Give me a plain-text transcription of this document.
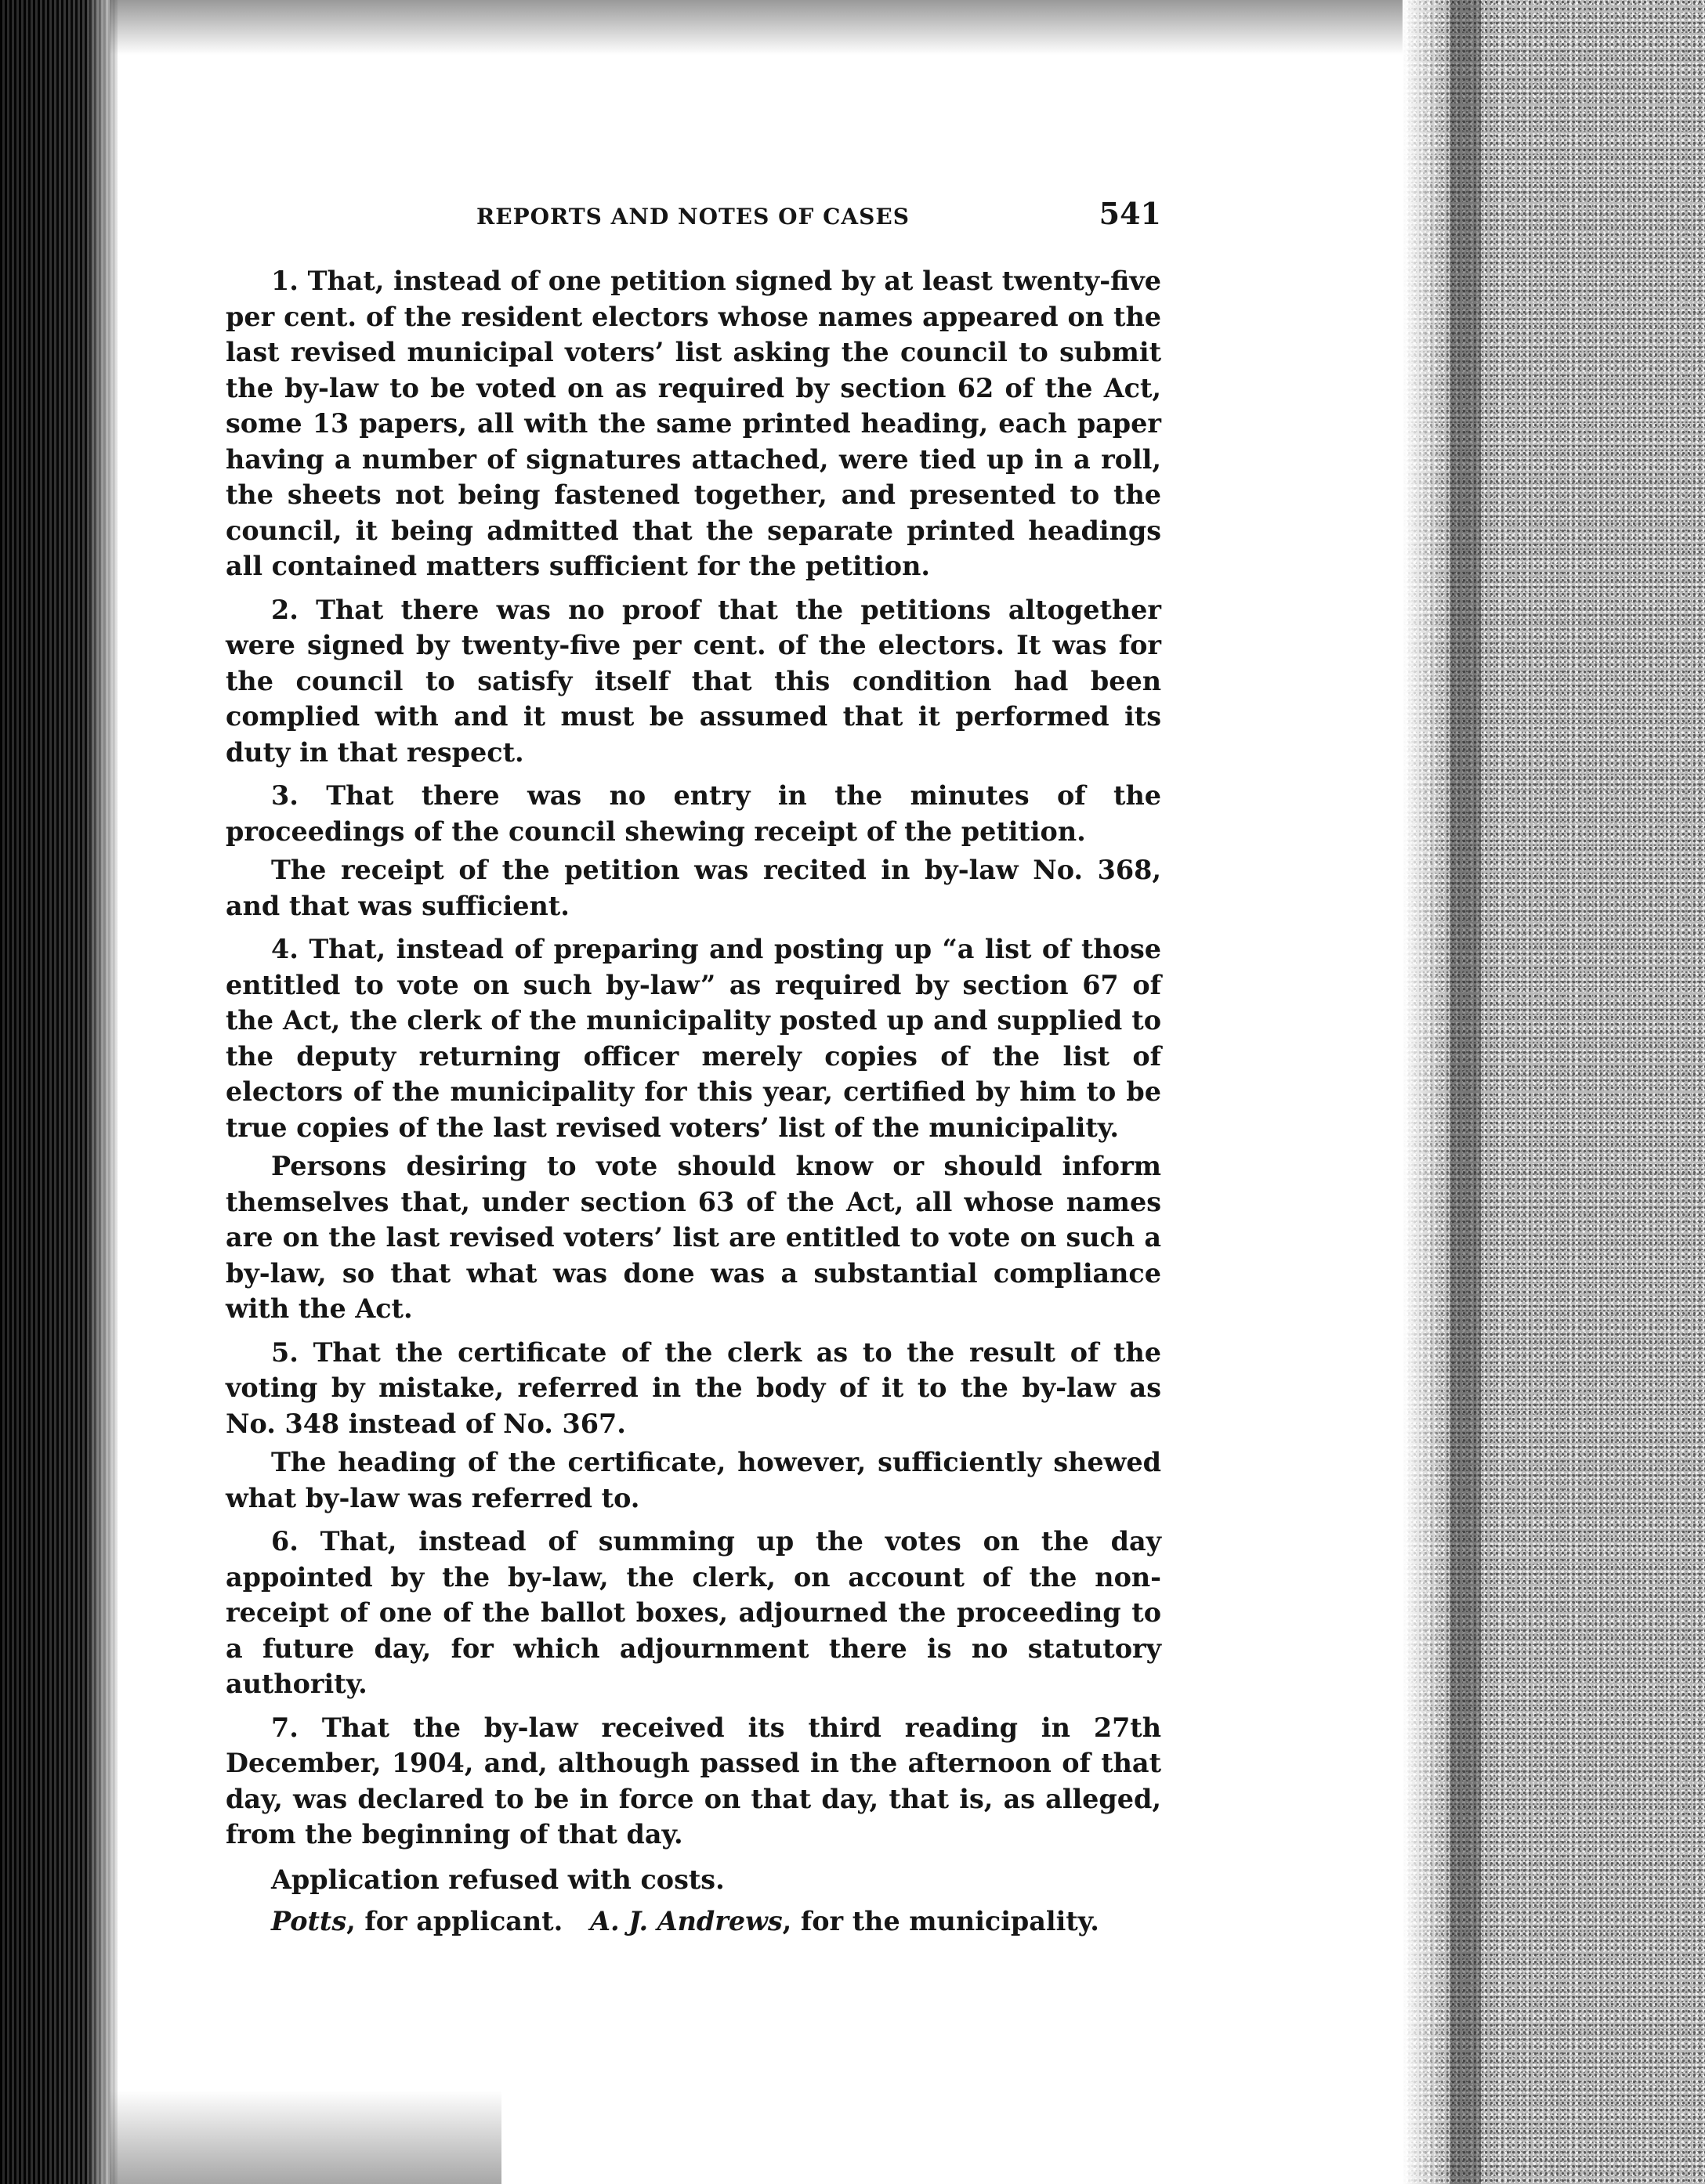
REPORTS AND NOTES OF CASES	541

1. That, instead of one petition signed by at least twenty-five per cent. of the resident electors whose names appeared on the last revised municipal voters’ list asking the council to submit the by-law to be voted on as required by section 62 of the Act, some 13 papers, all with the same printed heading, each paper having a number of signatures attached, were tied up in a roll, the sheets not being fastened together, and presented to the council, it being admitted that the separate printed headings all contained matters sufficient for the petition.

2. That there was no proof that the petitions altogether were signed by twenty-five per cent. of the electors. It was for the council to satisfy itself that this condition had been complied with and it must be assumed that it performed its duty in that respect.

3. That there was no entry in the minutes of the proceedings of the council shewing receipt of the petition.

The receipt of the petition was recited in by-law No. 368, and that was sufficient.

4. That, instead of preparing and posting up “a list of those entitled to vote on such by-law” as required by section 67 of the Act, the clerk of the municipality posted up and supplied to the deputy returning officer merely copies of the list of electors of the municipality for this year, certified by him to be true copies of the last revised voters’ list of the municipality.

Persons desiring to vote should know or should inform themselves that, under section 63 of the Act, all whose names are on the last revised voters’ list are entitled to vote on such a by-law, so that what was done was a substantial compliance with the Act.

5. That the certificate of the clerk as to the result of the voting by mistake, referred in the body of it to the by-law as No. 348 instead of No. 367.

The heading of the certificate, however, sufficiently shewed what by-law was referred to.

6. That, instead of summing up the votes on the day appointed by the by-law, the clerk, on account of the non-receipt of one of the ballot boxes, adjourned the proceeding to a future day, for which adjournment there is no statutory authority.

7. That the by-law received its third reading in 27th December, 1904, and, although passed in the afternoon of that day, was declared to be in force on that day, that is, as alleged, from the beginning of that day.

Application refused with costs.

Potts, for applicant. A. J. Andrews, for the municipality.
